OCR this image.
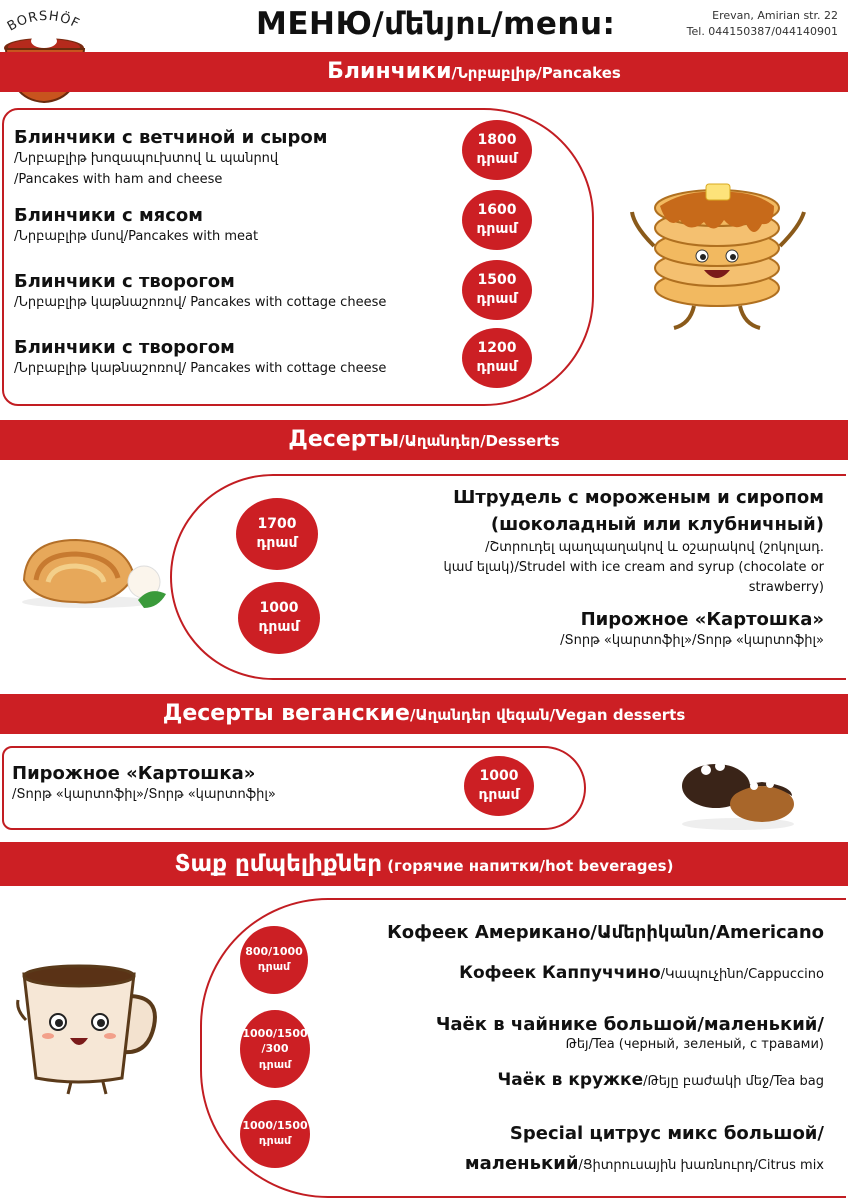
BORSHÖF	МЕНЮ/մենյու/menu:	Erevan, Amirian str. 22
Tel. 044150387/044140901
Блинчики/Նրբաբլիթ/Pancakes
Блинчики с ветчиной и сыром
/Նրբաբլիթ խոզապուխտով և պանրով
/Pancakes with ham and cheese
Блинчики с мясом
/Նրբաբլիթ մսով/Pancakes with meat
Блинчики с творогом
/Նրբաբլիթ կաթնաշոռով/ Pancakes with cottage cheese
Блинчики с творогом
/Նրբաբլիթ կաթնաշոռով/ Pancakes with cottage cheese
1800
դրամ
1600
դրամ
1500
դրամ
1200
դրամ
Десерты/Աղանդեր/Desserts
1700
դրամ
1000
դրամ
Штрудель с мороженым и сиропом
(шоколадный или клубничный)
/Շտրուդել պաղպաղակով և օշարակով (շոկոլադ.
կամ ելակ)/Strudel with ice cream and syrup (chocolate or
strawberry)
Пирожное «Картошка»
/Տորթ «կարտոֆիլ»/Տորթ «կարտոֆիլ»
Десерты веганские/Աղանդեր վեգան/Vegan desserts
Пирожное «Картошка»
/Տորթ «կարտոֆիլ»/Տորթ «կարտոֆիլ»
1000
դրամ
Տաք ըմպելիքներ (горячие напитки/hot beverages)
800/1000
դրամ
1000/1500
/300
դրամ
1000/1500
դրամ
Кофеек Американо/Ամերիկանո/Americano
Кофеек Каппуччино/Կապուչինո/Cappuccino
Чаёк в чайнике большой/маленький/
Թեյ/Tea (черный, зеленый, с травами)
Чаёк в кружке/Թեյը բաժակի մեջ/Tea bag
Special цитрус микс большой/
маленький/Ցիտրուսային խառնուրդ/Citrus mix
